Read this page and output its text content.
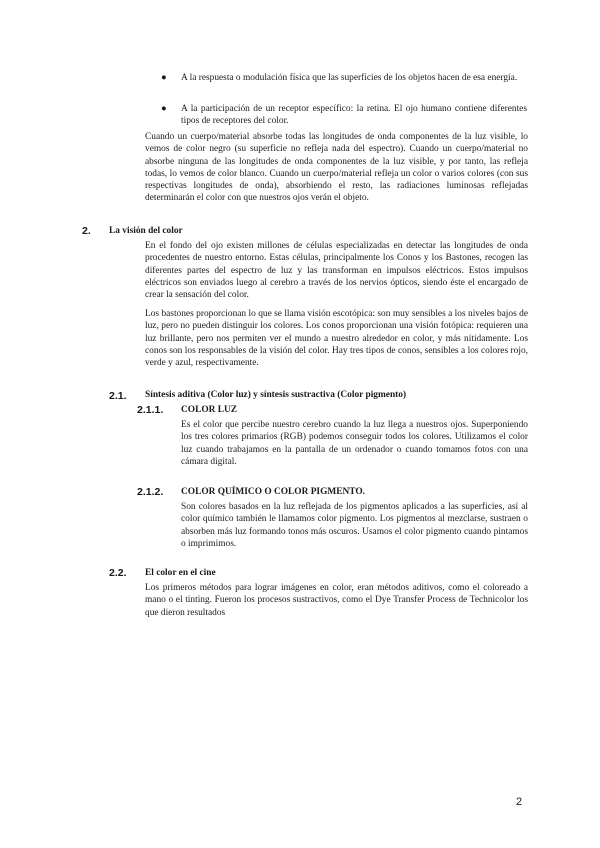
●	A la respuesta o modulación física que las superficies de los objetos hacen de esa energía.

●	A la participación de un receptor específico: la retina. El ojo humano contiene diferentes tipos de receptores del color.

Cuando un cuerpo/material absorbe todas las longitudes de onda componentes de la luz visible, lo vemos de color negro (su superficie no refleja nada del espectro). Cuando un cuerpo/material no absorbe ninguna de las longitudes de onda componentes de la luz visible, y por tanto, las refleja todas, lo vemos de color blanco. Cuando un cuerpo/material refleja un color o varios colores (con sus respectivas longitudes de onda), absorbiendo el resto, las radiaciones luminosas reflejadas determinarán el color con que nuestros ojos verán el objeto.

2. La visión del color

En el fondo del ojo existen millones de células especializadas en detectar las longitudes de onda procedentes de nuestro entorno. Estas células, principalmente los Conos y los Bastones, recogen las diferentes partes del espectro de luz y las transforman en impulsos eléctricos. Estos impulsos eléctricos son enviados luego al cerebro a través de los nervios ópticos, siendo éste el encargado de crear la sensación del color.

Los bastones proporcionan lo que se llama visión escotópica: son muy sensibles a los niveles bajos de luz, pero no pueden distinguir los colores. Los conos proporcionan una visión fotópica: requieren una luz brillante, pero nos permiten ver el mundo a nuestro alrededor en color, y más nítidamente. Los conos son los responsables de la visión del color. Hay tres tipos de conos, sensibles a los colores rojo, verde y azul, respectivamente.

2.1. Síntesis aditiva (Color luz) y síntesis sustractiva (Color pigmento)
2.1.1. COLOR LUZ

Es el color que percibe nuestro cerebro cuando la luz llega a nuestros ojos. Superponiendo los tres colores primarios (RGB) podemos conseguir todos los colores. Utilizamos el color luz cuando trabajamos en la pantalla de un ordenador o cuando tomamos fotos con una cámara digital.

2.1.2. COLOR QUÍMICO O COLOR PIGMENTO.

Son colores basados en la luz reflejada de los pigmentos aplicados a las superficies, así al color químico también le llamamos color pigmento. Los pigmentos al mezclarse, sustraen o absorben más luz formando tonos más oscuros. Usamos el color pigmento cuando pintamos o imprimimos.

2.2. El color en el cine

Los primeros métodos para lograr imágenes en color, eran métodos aditivos, como el coloreado a mano o el tinting. Fueron los procesos sustractivos, como el Dye Transfer Process de Technicolor los que dieron resultados

2
